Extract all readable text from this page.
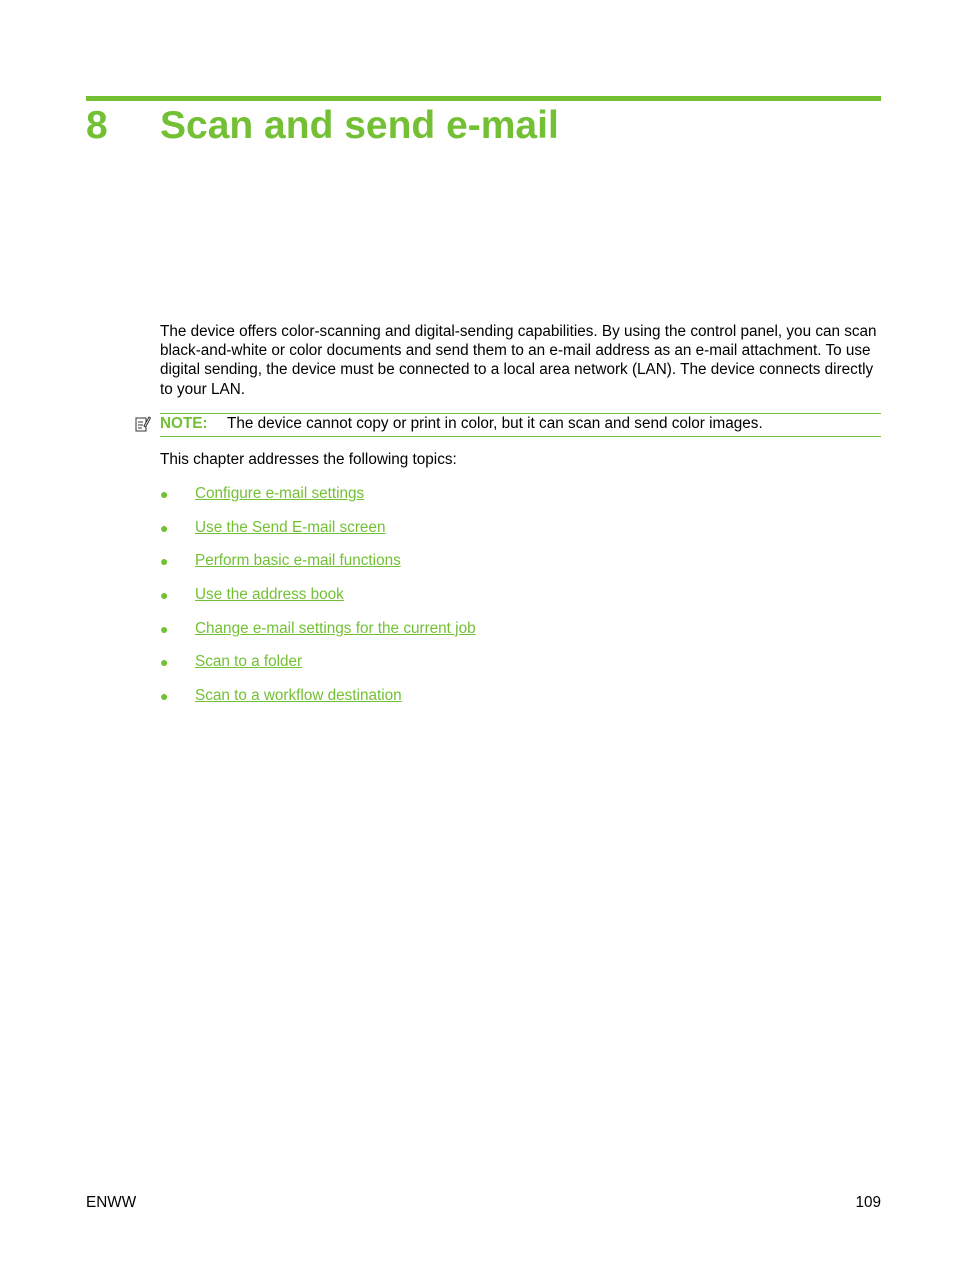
8 Scan and send e-mail

The device offers color-scanning and digital-sending capabilities. By using the control panel, you can scan black-and-white or color documents and send them to an e-mail address as an e-mail attachment. To use digital sending, the device must be connected to a local area network (LAN). The device connects directly to your LAN.

NOTE: The device cannot copy or print in color, but it can scan and send color images.

This chapter addresses the following topics:

● Configure e-mail settings
● Use the Send E-mail screen
● Perform basic e-mail functions
● Use the address book
● Change e-mail settings for the current job
● Scan to a folder
● Scan to a workflow destination
ENWW	109
